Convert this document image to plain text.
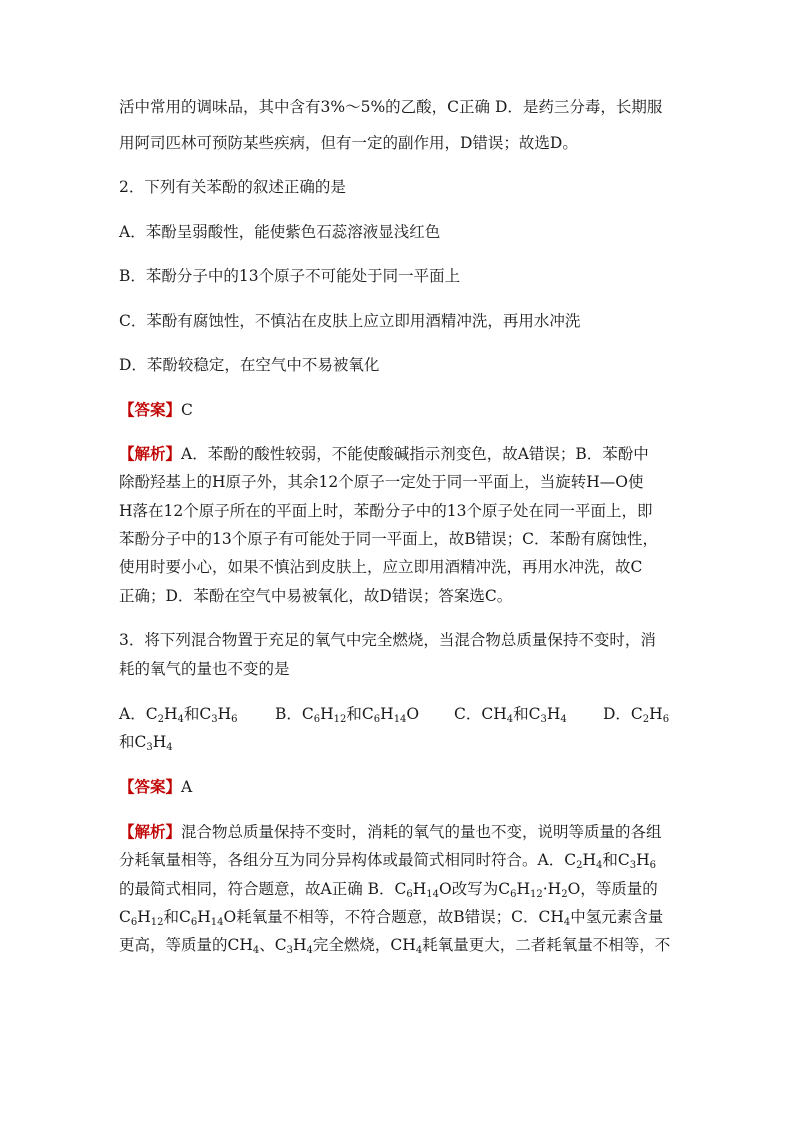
活中常用的调味品，其中含有3%～5%的乙酸，C正确 D．是药三分毒，长期服
用阿司匹林可预防某些疾病，但有一定的副作用，D错误；故选D。
2．下列有关苯酚的叙述正确的是
A．苯酚呈弱酸性，能使紫色石蕊溶液显浅红色
B．苯酚分子中的13个原子不可能处于同一平面上
C．苯酚有腐蚀性，不慎沾在皮肤上应立即用酒精冲洗，再用水冲洗
D．苯酚较稳定，在空气中不易被氧化
【答案】C
【解析】A．苯酚的酸性较弱，不能使酸碱指示剂变色，故A错误；B．苯酚中
除酚羟基上的H原子外，其余12个原子一定处于同一平面上，当旋转H—O使
H落在12个原子所在的平面上时，苯酚分子中的13个原子处在同一平面上，即
苯酚分子中的13个原子有可能处于同一平面上，故B错误；C．苯酚有腐蚀性，
使用时要小心，如果不慎沾到皮肤上，应立即用酒精冲洗，再用水冲洗，故C
正确；D．苯酚在空气中易被氧化，故D错误；答案选C。
3．将下列混合物置于充足的氧气中完全燃烧，当混合物总质量保持不变时，消
耗的氧气的量也不变的是
A．$C_2H_4$和$C_3H_6$ B．$C_6H_{12}$和$C_6H_{14}O$ C．$CH_4$和$C_3H_4$ D．$C_2H_6$
和$C_3H_4$
【答案】A
【解析】混合物总质量保持不变时，消耗的氧气的量也不变，说明等质量的各组
分耗氧量相等，各组分互为同分异构体或最简式相同时符合。A．$C_2H_4$和$C_3H_6$
的最简式相同，符合题意，故A正确 B．$C_6H_{14}O$改写为$C_6H_{12}\cdot H_2O$，等质量的
$C_6H_{12}$和$C_6H_{14}O$耗氧量不相等，不符合题意，故B错误；C．$CH_4$中氢元素含量
更高，等质量的$CH_4$、$C_3H_4$完全燃烧，$CH_4$耗氧量更大，二者耗氧量不相等，不
